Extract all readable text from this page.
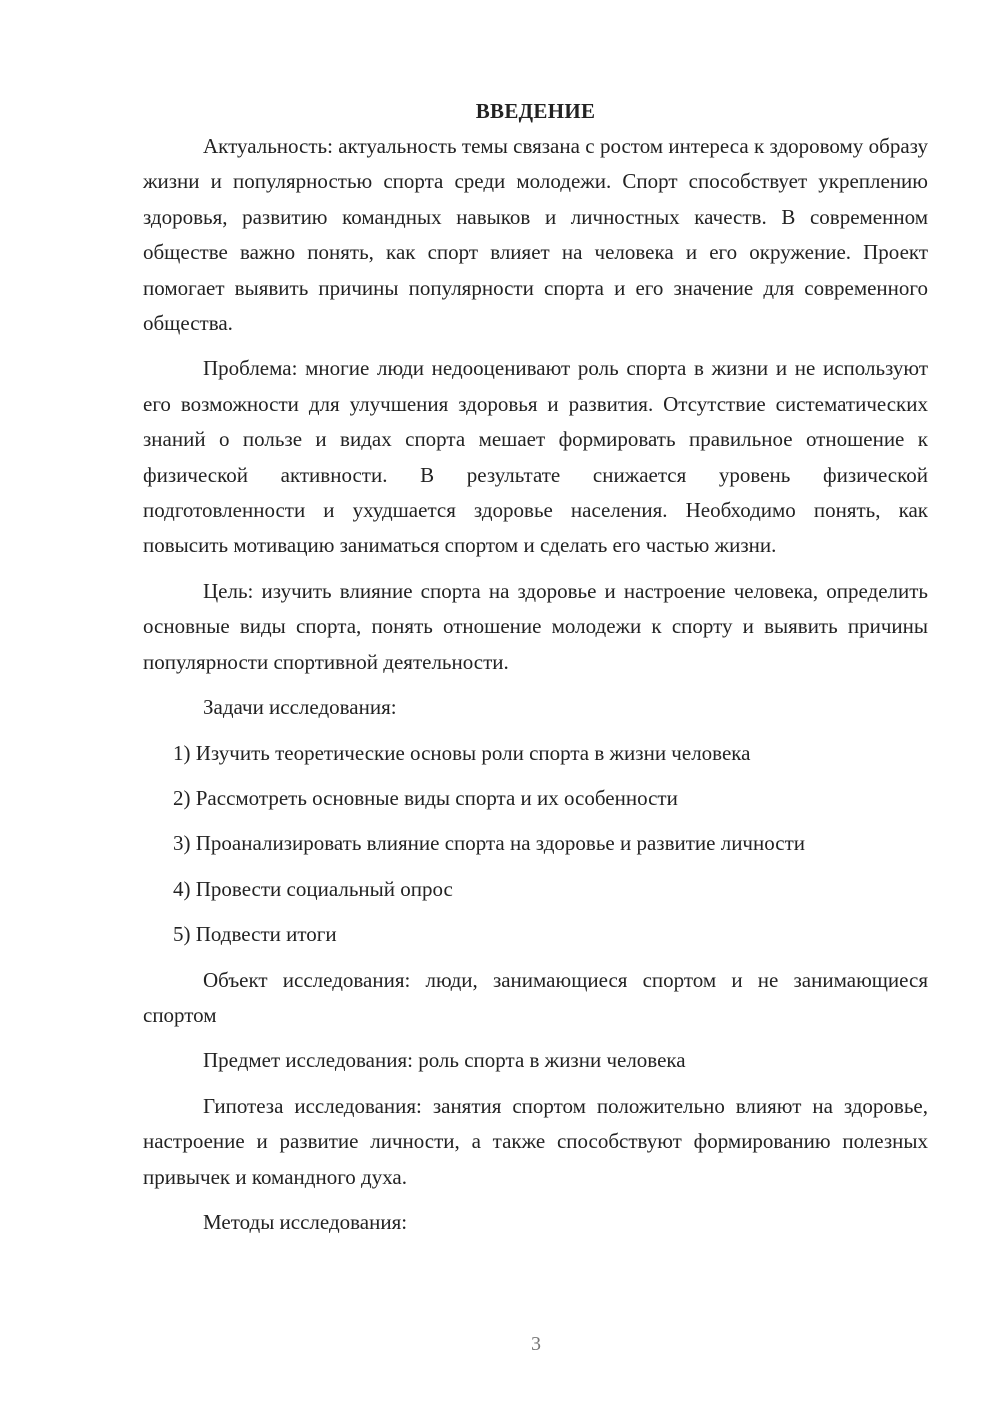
ВВЕДЕНИЕ

Актуальность: актуальность темы связана с ростом интереса к здоровому образу жизни и популярностью спорта среди молодежи. Спорт способствует укреплению здоровья, развитию командных навыков и личностных качеств. В современном обществе важно понять, как спорт влияет на человека и его окружение. Проект помогает выявить причины популярности спорта и его значение для современного общества.

Проблема: многие люди недооценивают роль спорта в жизни и не используют его возможности для улучшения здоровья и развития. Отсутствие систематических знаний о пользе и видах спорта мешает формировать правильное отношение к физической активности. В результате снижается уровень физической подготовленности и ухудшается здоровье населения. Необходимо понять, как повысить мотивацию заниматься спортом и сделать его частью жизни.

Цель: изучить влияние спорта на здоровье и настроение человека, определить основные виды спорта, понять отношение молодежи к спорту и выявить причины популярности спортивной деятельности.

Задачи исследования:

1) Изучить теоретические основы роли спорта в жизни человека
2) Рассмотреть основные виды спорта и их особенности
3) Проанализировать влияние спорта на здоровье и развитие личности
4) Провести социальный опрос
5) Подвести итоги

Объект исследования: люди, занимающиеся спортом и не занимающиеся спортом

Предмет исследования: роль спорта в жизни человека

Гипотеза исследования: занятия спортом положительно влияют на здоровье, настроение и развитие личности, а также способствуют формированию полезных привычек и командного духа.

Методы исследования:

3
